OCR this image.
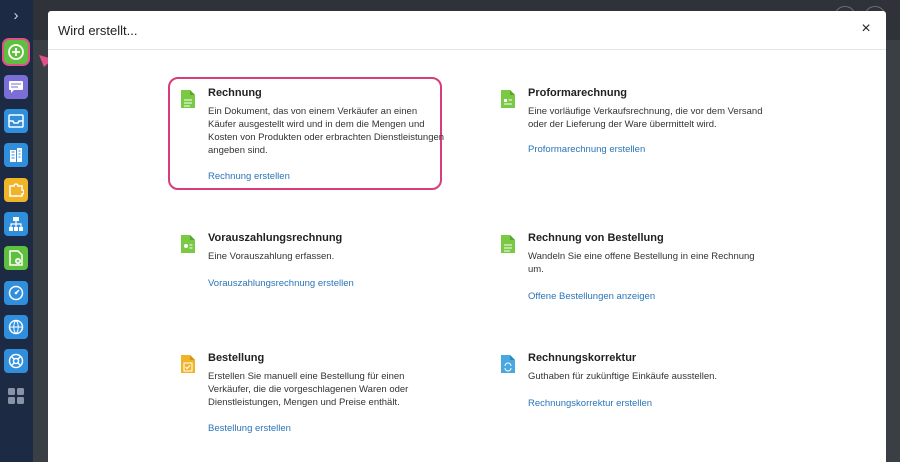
›
Wird erstellt...	×
Rechnung
Ein Dokument, das von einem Verkäufer an einen Käufer ausgestellt wird und in dem die Mengen und Kosten von Produkten oder erbrachten Dienstleistungen angeben sind.
Rechnung erstellen
Proformarechnung
Eine vorläufige Verkaufsrechnung, die vor dem Versand oder der Lieferung der Ware übermittelt wird.
Proformarechnung erstellen
Vorauszahlungsrechnung
Eine Vorauszahlung erfassen.
Vorauszahlungsrechnung erstellen
Rechnung von Bestellung
Wandeln Sie eine offene Bestellung in eine Rechnung um.
Offene Bestellungen anzeigen
Bestellung
Erstellen Sie manuell eine Bestellung für einen Verkäufer, die die vorgeschlagenen Waren oder Dienstleistungen, Mengen und Preise enthält.
Bestellung erstellen
Rechnungskorrektur
Guthaben für zukünftige Einkäufe ausstellen.
Rechnungskorrektur erstellen
